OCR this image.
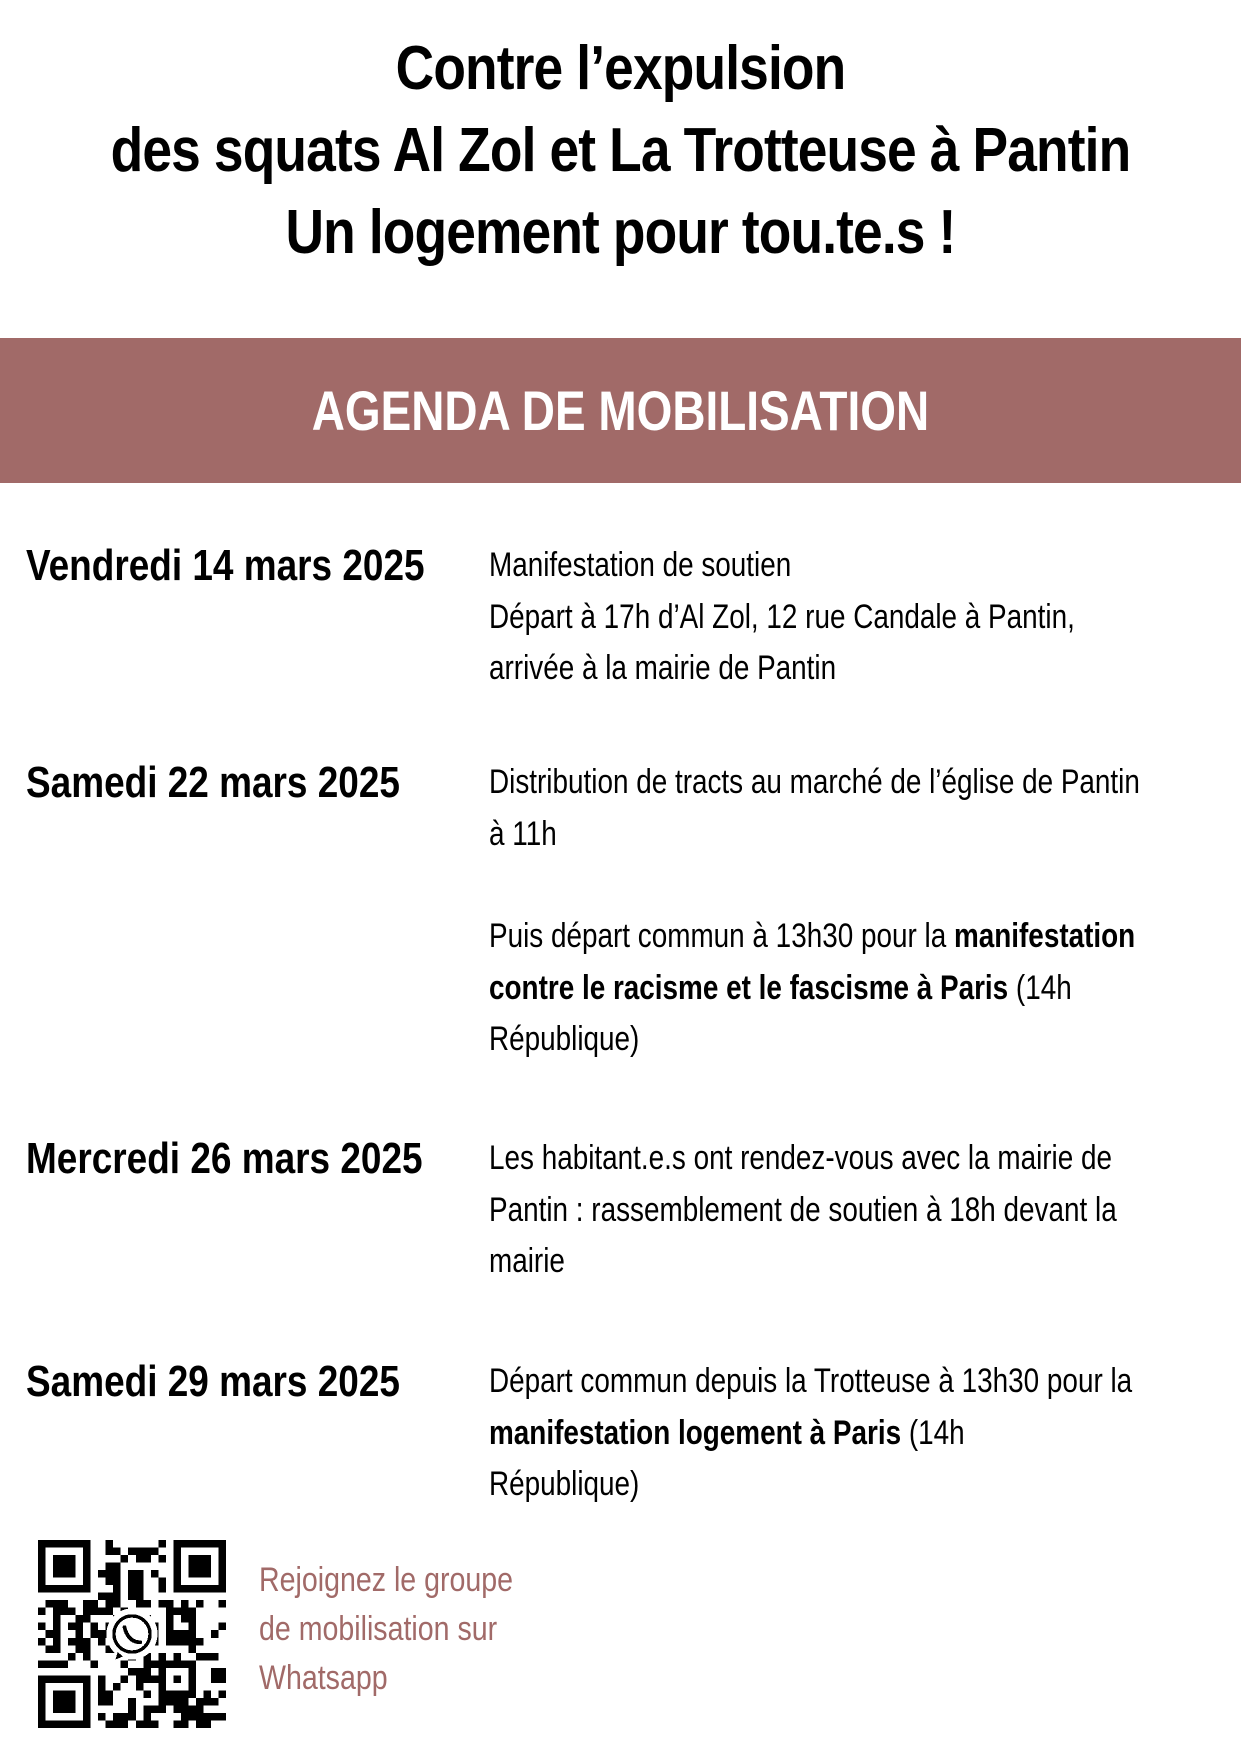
Contre l’expulsion
des squats Al Zol et La Trotteuse à Pantin
Un logement pour tou.te.s !
AGENDA DE MOBILISATION
Vendredi 14 mars 2025 Manifestation de soutien
Départ à 17h d’Al Zol, 12 rue Candale à Pantin,
arrivée à la mairie de Pantin
Samedi 22 mars 2025	Distribution de tracts au marché de l’église de Pantin
à 11h
Puis départ commun à 13h30 pour la manifestation
contre le racisme et le fascisme à Paris (14h
République)
Mercredi 26 mars 2025 Les habitant.e.s ont rendez-vous avec la mairie de
Pantin : rassemblement de soutien à 18h devant la
mairie
Samedi 29 mars 2025	Départ commun depuis la Trotteuse à 13h30 pour la
manifestation logement à Paris (14h
République)
Rejoignez le groupe
de mobilisation sur
Whatsapp
